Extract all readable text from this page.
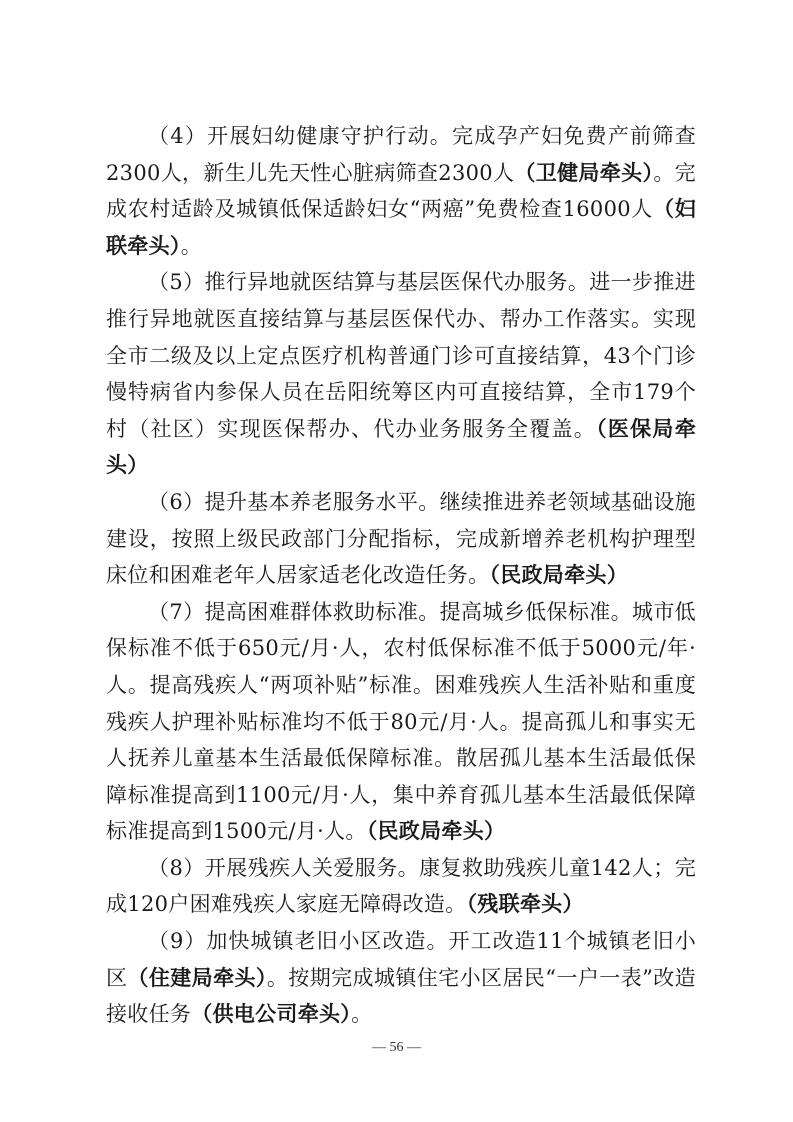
（4）开展妇幼健康守护行动。完成孕产妇免费产前筛查2300人，新生儿先天性心脏病筛查2300人（卫健局牵头）。完成农村适龄及城镇低保适龄妇女“两癌”免费检查16000人（妇联牵头）。

（5）推行异地就医结算与基层医保代办服务。进一步推进推行异地就医直接结算与基层医保代办、帮办工作落实。实现全市二级及以上定点医疗机构普通门诊可直接结算，43个门诊慢特病省内参保人员在岳阳统筹区内可直接结算，全市179个村（社区）实现医保帮办、代办业务服务全覆盖。（医保局牵头）

（6）提升基本养老服务水平。继续推进养老领域基础设施建设，按照上级民政部门分配指标，完成新增养老机构护理型床位和困难老年人居家适老化改造任务。（民政局牵头）

（7）提高困难群体救助标准。提高城乡低保标准。城市低保标准不低于650元/月·人，农村低保标准不低于5000元/年·人。提高残疾人“两项补贴”标准。困难残疾人生活补贴和重度残疾人护理补贴标准均不低于80元/月·人。提高孤儿和事实无人抚养儿童基本生活最低保障标准。散居孤儿基本生活最低保障标准提高到1100元/月·人，集中养育孤儿基本生活最低保障标准提高到1500元/月·人。（民政局牵头）

（8）开展残疾人关爱服务。康复救助残疾儿童142人；完成120户困难残疾人家庭无障碍改造。（残联牵头）

（9）加快城镇老旧小区改造。开工改造11个城镇老旧小区（住建局牵头）。按期完成城镇住宅小区居民“一户一表”改造接收任务（供电公司牵头）。

— 56 —
